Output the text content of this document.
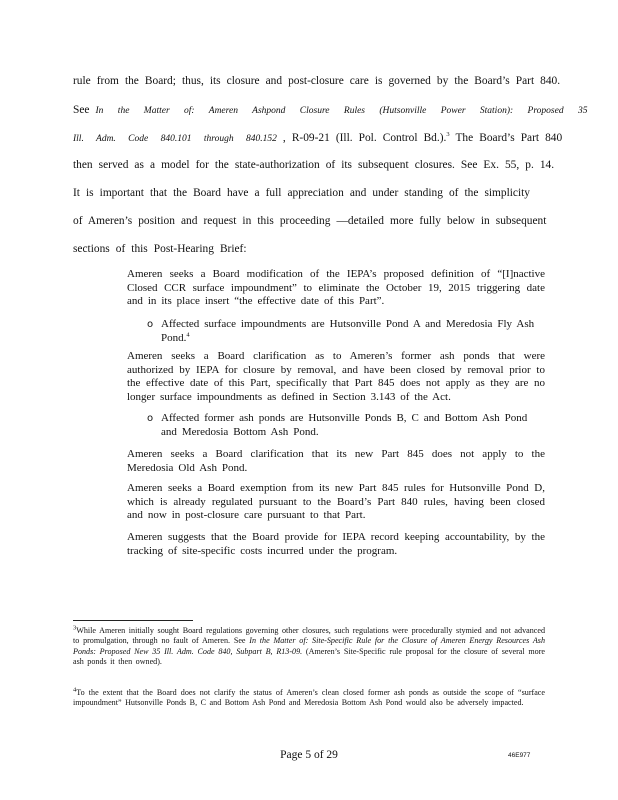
rule from the Board; thus, its closure and post-closure care is governed by the Board’s Part 840.
See In the Matter of: Ameren Ashpond Closure Rules (Hutsonville Power Station): Proposed 35
Ill. Adm. Code 840.101 through 840.152 , R-09-21 (Ill. Pol. Control Bd.).$^3$ The Board’s Part 840
then served as a model for the state-authorization of its subsequent closures. See Ex. 55, p. 14.
It is important that the Board have a full appreciation and under standing of the simplicity
of Ameren’s position and request in this proceeding —detailed more fully below in subsequent
sections of this Post-Hearing Brief:
Ameren seeks a Board modification of the IEPA’s proposed definition of “[I]nactive Closed CCR surface impoundment” to eliminate the October 19, 2015 triggering date and in its place insert “the effective date of this Part”.
o Affected surface impoundments are Hutsonville Pond A and Meredosia Fly Ash Pond.$^4$
Ameren seeks a Board clarification as to Ameren’s former ash ponds that were authorized by IEPA for closure by removal, and have been closed by removal prior to the effective date of this Part, specifically that Part 845 does not apply as they are no longer surface impoundments as defined in Section 3.143 of the Act.
o Affected former ash ponds are Hutsonville Ponds B, C and Bottom Ash Pond and Meredosia Bottom Ash Pond.
Ameren seeks a Board clarification that its new Part 845 does not apply to the Meredosia Old Ash Pond.
Ameren seeks a Board exemption from its new Part 845 rules for Hutsonville Pond D, which is already regulated pursuant to the Board’s Part 840 rules, having been closed and now in post-closure care pursuant to that Part.
Ameren suggests that the Board provide for IEPA record keeping accountability, by the tracking of site-specific costs incurred under the program.
$^3$While Ameren initially sought Board regulations governing other closures, such regulations were procedurally stymied and not advanced to promulgation, through no fault of Ameren. See In the Matter of: Site-Specific Rule for the Closure of Ameren Energy Resources Ash Ponds: Proposed New 35 Ill. Adm. Code 840, Subpart B, R13-09. (Ameren’s Site-Specific rule proposal for the closure of several more ash ponds it then owned).
$^4$To the extent that the Board does not clarify the status of Ameren’s clean closed former ash ponds as outside the scope of “surface impoundment” Hutsonville Ponds B, C and Bottom Ash Pond and Meredosia Bottom Ash Pond would also be adversely impacted.
Page 5 of 29	46E977
